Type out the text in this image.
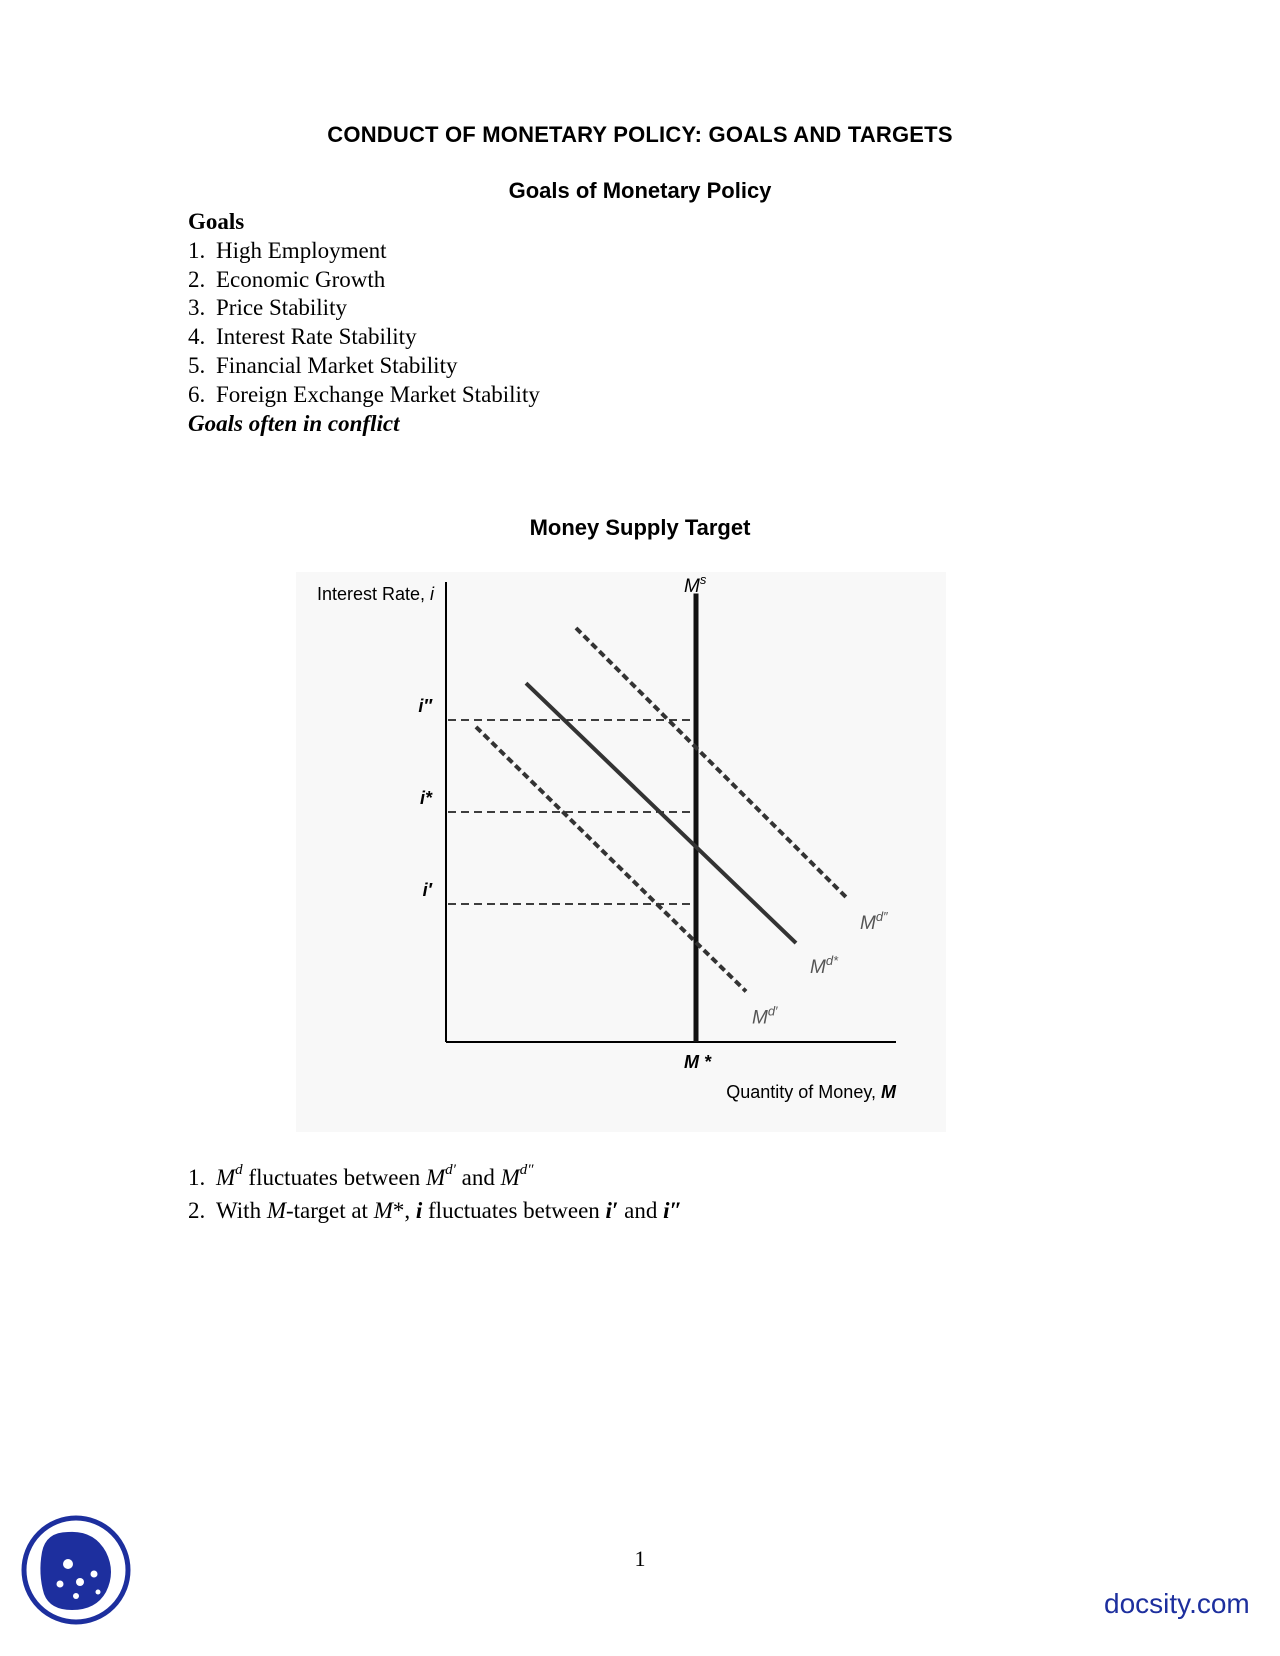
CONDUCT OF MONETARY POLICY: GOALS AND TARGETS
Goals of Monetary Policy
Goals
1. High Employment
2. Economic Growth
3. Price Stability
4. Interest Rate Stability
5. Financial Market Stability
6. Foreign Exchange Market Stability
Goals often in conflict
Money Supply Target
Interest Rate, i
Quantity of Money, M
i″
i*
i′
M *
$M^s$
$M^{d*}$
$M^{d'}$
$M^{d''}$
1. $M^d$ fluctuates between $M^{d'}$ and $M^{d''}$
2. With M-target at M*, i fluctuates between i′ and i″
1
docsity.com
